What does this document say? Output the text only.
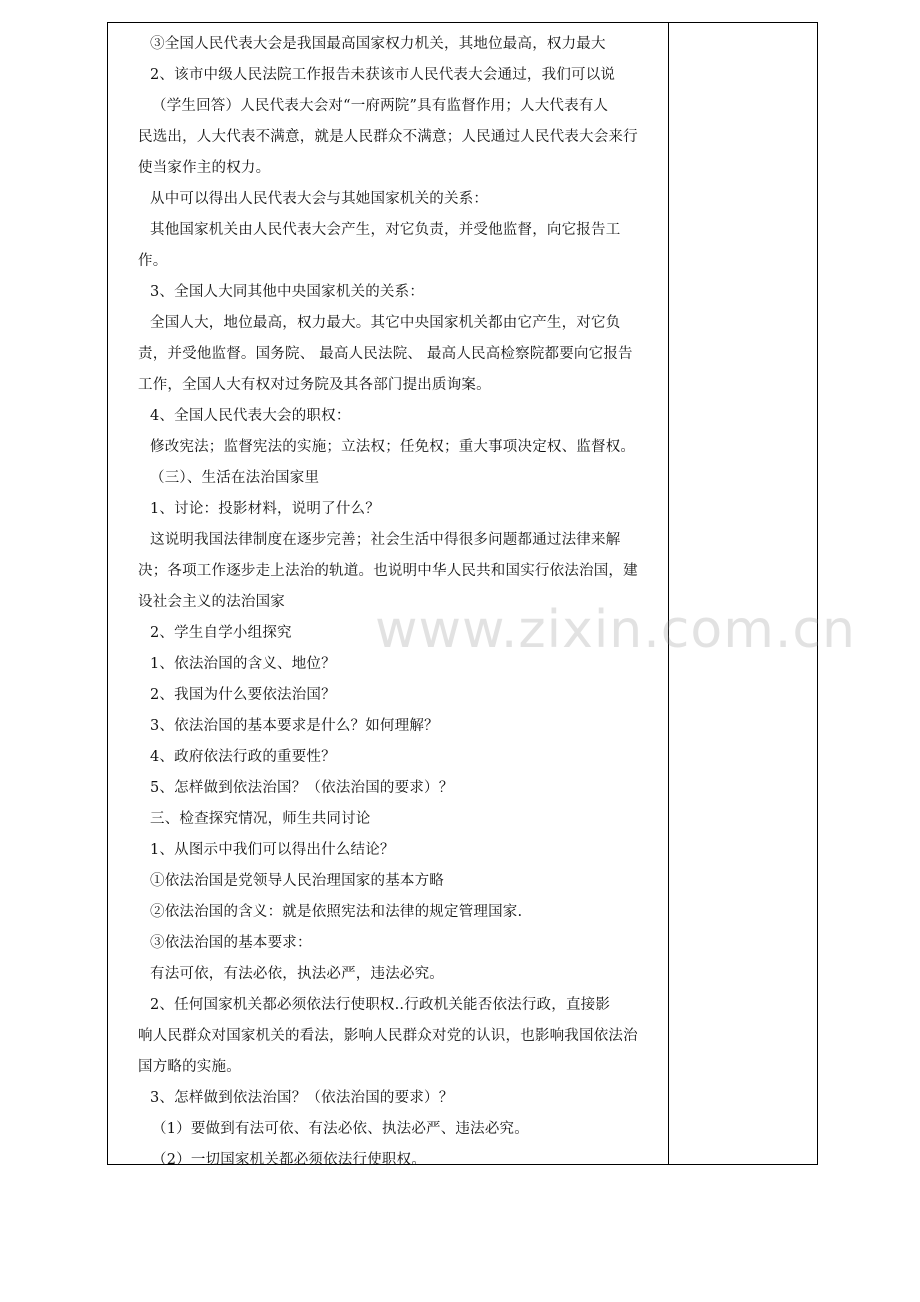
③全国人民代表大会是我国最高国家权力机关，其地位最高，权力最大
2、该市中级人民法院工作报告未获该市人民代表大会通过，我们可以说
（学生回答）人民代表大会对“一府两院”具有监督作用；人大代表有人
民选出，人大代表不满意，就是人民群众不满意；人民通过人民代表大会来行
使当家作主的权力。
从中可以得出人民代表大会与其她国家机关的关系：
其他国家机关由人民代表大会产生，对它负责，并受他监督，向它报告工
作。
3、全国人大同其他中央国家机关的关系：
全国人大，地位最高，权力最大。其它中央国家机关都由它产生，对它负
责，并受他监督。国务院、 最高人民法院、 最高人民高检察院都要向它报告
工作，全国人大有权对过务院及其各部门提出质询案。
4、全国人民代表大会的职权：
修改宪法；监督宪法的实施；立法权；任免权；重大事项决定权、监督权。
（三）、生活在法治国家里
1、讨论：投影材料，说明了什么？
这说明我国法律制度在逐步完善；社会生活中得很多问题都通过法律来解
决；各项工作逐步走上法治的轨道。也说明中华人民共和国实行依法治国，建
设社会主义的法治国家
2、学生自学小组探究
1、依法治国的含义、地位？
2、我国为什么要依法治国？
3、依法治国的基本要求是什么？如何理解？
4、政府依法行政的重要性？
5、怎样做到依法治国？（依法治国的要求）？
三、检查探究情况，师生共同讨论
1、从图示中我们可以得出什么结论？
①依法治国是党领导人民治理国家的基本方略
②依法治国的含义：就是依照宪法和法律的规定管理国家.
③依法治国的基本要求：
有法可依，有法必依，执法必严，违法必究。
2、任何国家机关都必须依法行使职权..行政机关能否依法行政，直接影
响人民群众对国家机关的看法，影响人民群众对党的认识，也影响我国依法治
国方略的实施。
3、怎样做到依法治国？（依法治国的要求）？
（1）要做到有法可依、有法必依、执法必严、违法必究。
（2）一切国家机关都必须依法行使职权。
www.zixin.com.cn
